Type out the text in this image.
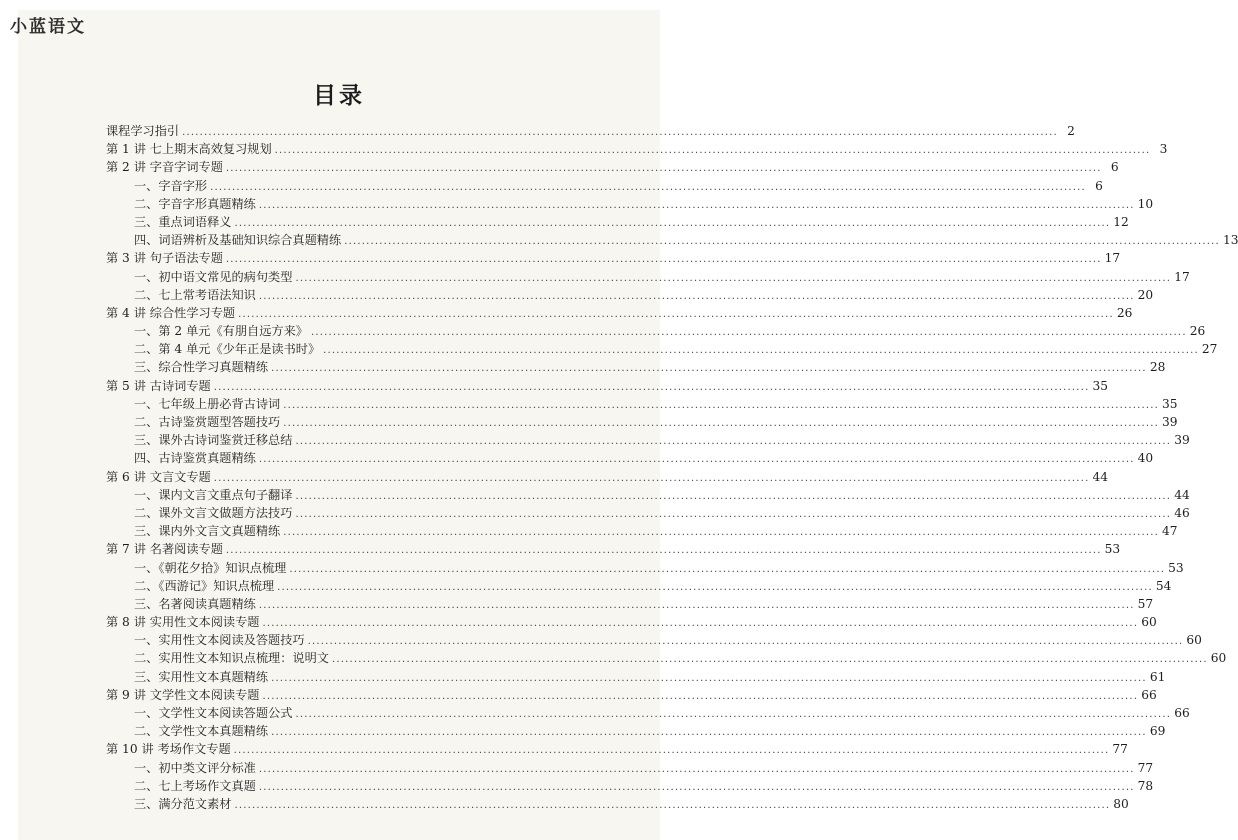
目录
课程学习指引 ........................................................................................................................................................................................................ 2
第 1 讲 七上期末高效复习规划 ........................................................................................................................................................................................................ 3
第 2 讲 字音字词专题 ........................................................................................................................................................................................................ 6
一、字音字形 ........................................................................................................................................................................................................ 6
二、字音字形真题精练 ........................................................................................................................................................................................................ 10
三、重点词语释义 ........................................................................................................................................................................................................ 12
四、词语辨析及基础知识综合真题精练 ........................................................................................................................................................................................................ 13
第 3 讲 句子语法专题 ........................................................................................................................................................................................................ 17
一、初中语文常见的病句类型 ........................................................................................................................................................................................................ 17
二、七上常考语法知识 ........................................................................................................................................................................................................ 20
第 4 讲 综合性学习专题 ........................................................................................................................................................................................................ 26
一、第 2 单元《有朋自远方来》 ........................................................................................................................................................................................................ 26
二、第 4 单元《少年正是读书时》 ........................................................................................................................................................................................................ 27
三、综合性学习真题精练 ........................................................................................................................................................................................................ 28
第 5 讲 古诗词专题 ........................................................................................................................................................................................................ 35
一、七年级上册必背古诗词 ........................................................................................................................................................................................................ 35
二、古诗鉴赏题型答题技巧 ........................................................................................................................................................................................................ 39
三、课外古诗词鉴赏迁移总结 ........................................................................................................................................................................................................ 39
四、古诗鉴赏真题精练 ........................................................................................................................................................................................................ 40
第 6 讲 文言文专题 ........................................................................................................................................................................................................ 44
一、课内文言文重点句子翻译 ........................................................................................................................................................................................................ 44
二、课外文言文做题方法技巧 ........................................................................................................................................................................................................ 46
三、课内外文言文真题精练 ........................................................................................................................................................................................................ 47
第 7 讲 名著阅读专题 ........................................................................................................................................................................................................ 53
一、《朝花夕拾》知识点梳理 ........................................................................................................................................................................................................ 53
二、《西游记》知识点梳理 ........................................................................................................................................................................................................ 54
三、名著阅读真题精练 ........................................................................................................................................................................................................ 57
第 8 讲 实用性文本阅读专题 ........................................................................................................................................................................................................ 60
一、实用性文本阅读及答题技巧 ........................................................................................................................................................................................................ 60
二、实用性文本知识点梳理：说明文 ........................................................................................................................................................................................................ 60
三、实用性文本真题精练 ........................................................................................................................................................................................................ 61
第 9 讲 文学性文本阅读专题 ........................................................................................................................................................................................................ 66
一、文学性文本阅读答题公式 ........................................................................................................................................................................................................ 66
二、文学性文本真题精练 ........................................................................................................................................................................................................ 69
第 10 讲 考场作文专题 ........................................................................................................................................................................................................ 77
一、初中类文评分标准 ........................................................................................................................................................................................................ 77
二、七上考场作文真题 ........................................................................................................................................................................................................ 78
三、满分范文素材 ........................................................................................................................................................................................................ 80
小蓝语文
